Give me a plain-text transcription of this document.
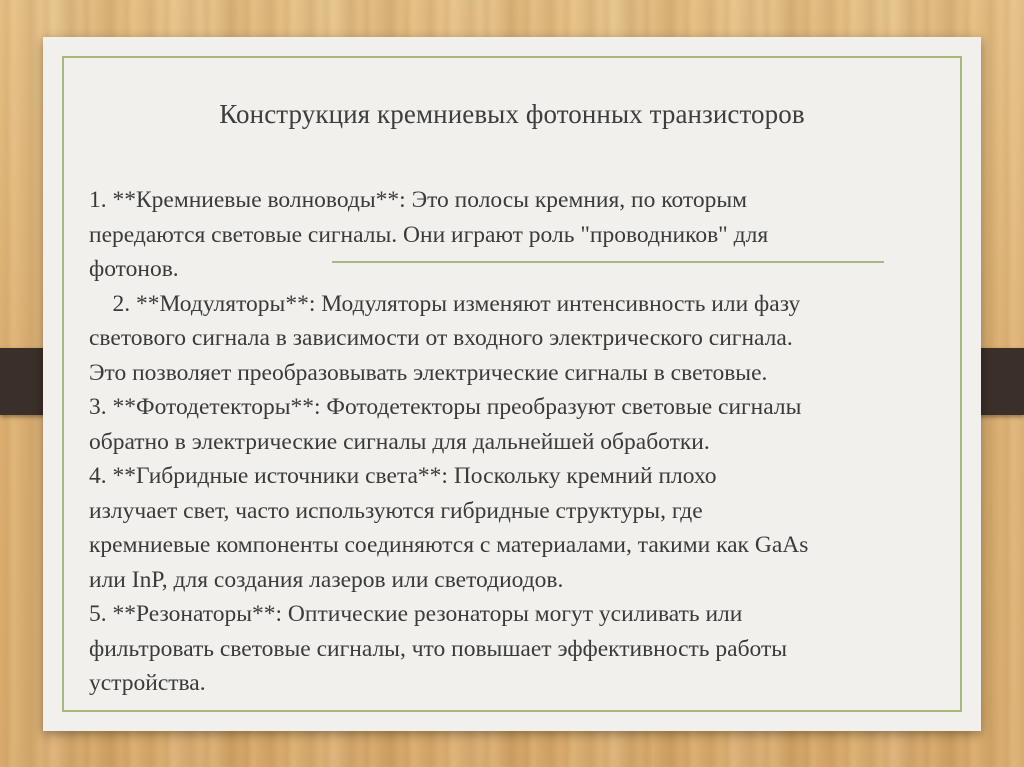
Конструкция кремниевых фотонных транзисторов
1. **Кремниевые волноводы**: Это полосы кремния, по которым
передаются световые сигналы. Они играют роль "проводников" для
фотонов.
2. **Модуляторы**: Модуляторы изменяют интенсивность или фазу
светового сигнала в зависимости от входного электрического сигнала.
Это позволяет преобразовывать электрические сигналы в световые.
3. **Фотодетекторы**: Фотодетекторы преобразуют световые сигналы
обратно в электрические сигналы для дальнейшей обработки.
4. **Гибридные источники света**: Поскольку кремний плохо
излучает свет, часто используются гибридные структуры, где
кремниевые компоненты соединяются с материалами, такими как GaAs
или InP, для создания лазеров или светодиодов.
5. **Резонаторы**: Оптические резонаторы могут усиливать или
фильтровать световые сигналы, что повышает эффективность работы
устройства.
